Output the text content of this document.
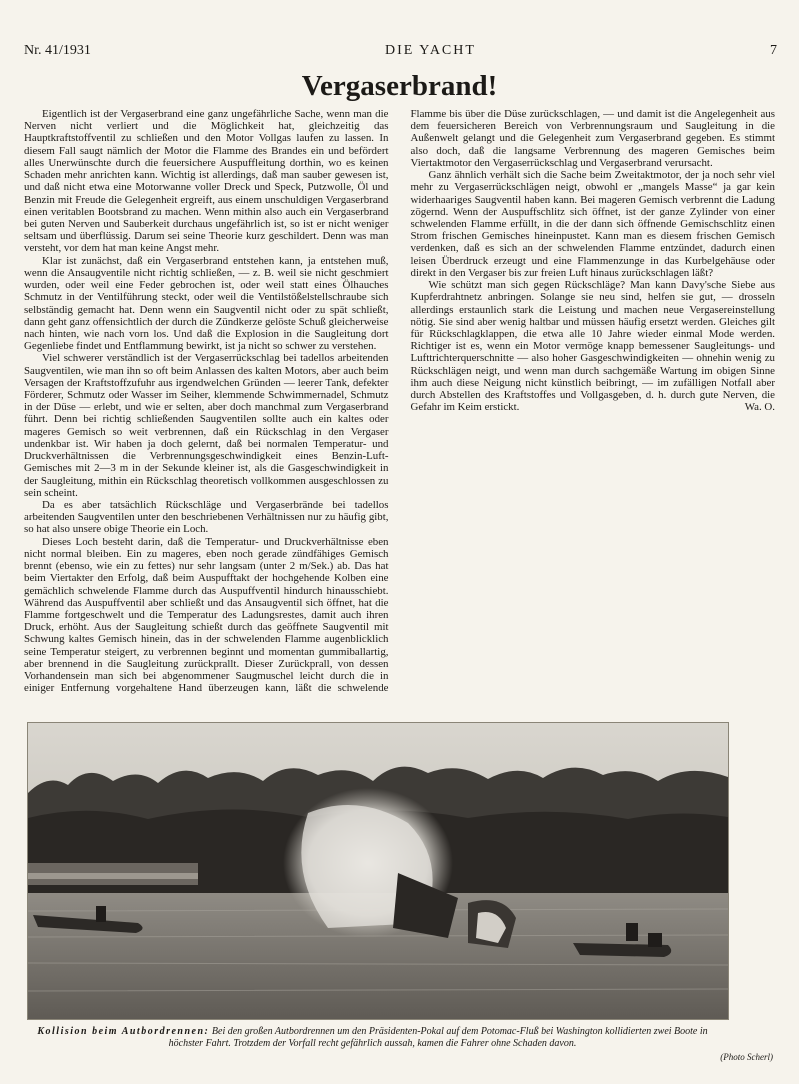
Nr. 41/1931	DIE YACHT	7
Vergaserbrand!

Eigentlich ist der Vergaserbrand eine ganz ungefährliche Sache, wenn man die Nerven nicht verliert und die Möglichkeit hat, gleichzeitig das Hauptkraftstoffventil zu schließen und den Motor Vollgas laufen zu lassen. In diesem Fall saugt nämlich der Motor die Flamme des Brandes ein und befördert alles Unerwünschte durch die feuersichere Auspuffleitung dorthin, wo es keinen Schaden mehr anrichten kann. Wichtig ist allerdings, daß man sauber gewesen ist, und daß nicht etwa eine Motorwanne voller Dreck und Speck, Putzwolle, Öl und Benzin mit Freude die Gelegenheit ergreift, aus einem unschuldigen Vergaserbrand einen veritablen Bootsbrand zu machen. Wenn mithin also auch ein Vergaserbrand bei guten Nerven und Sauberkeit durchaus ungefährlich ist, so ist er nicht weniger seltsam und überflüssig. Darum sei seine Theorie kurz geschildert. Denn was man versteht, vor dem hat man keine Angst mehr.

Klar ist zunächst, daß ein Vergaserbrand entstehen kann, ja entstehen muß, wenn die Ansaugventile nicht richtig schließen, — z. B. weil sie nicht geschmiert wurden, oder weil eine Feder gebrochen ist, oder weil statt eines Ölhauches Schmutz in der Ventilführung steckt, oder weil die Ventilstößelstellschraube sich selbständig gemacht hat. Denn wenn ein Saugventil nicht oder zu spät schließt, dann geht ganz offensichtlich der durch die Zündkerze gelöste Schuß gleicherweise nach hinten, wie nach vorn los. Und daß die Explosion in die Saugleitung dort Gegenliebe findet und Entflammung bewirkt, ist ja nicht so schwer zu verstehen.

Viel schwerer verständlich ist der Vergaserrückschlag bei tadellos arbeitenden Saugventilen, wie man ihn so oft beim Anlassen des kalten Motors, aber auch beim Versagen der Kraftstoffzufuhr aus irgendwelchen Gründen — leerer Tank, defekter Förderer, Schmutz oder Wasser im Seiher, klemmende Schwimmernadel, Schmutz in der Düse — erlebt, und wie er selten, aber doch manchmal zum Vergaserbrand führt. Denn bei richtig schließenden Saugventilen sollte auch ein kaltes oder mageres Gemisch so weit verbrennen, daß ein Rückschlag in den Vergaser undenkbar ist. Wir haben ja doch gelernt, daß bei normalen Temperatur- und Druckverhältnissen die Verbrennungsgeschwindigkeit eines Benzin-Luft-Gemisches mit 2—3 m in der Sekunde kleiner ist, als die Gasgeschwindigkeit in der Saugleitung, mithin ein Rückschlag theoretisch vollkommen ausgeschlossen zu sein scheint.

Da es aber tatsächlich Rückschläge und Vergaserbrände bei tadellos arbeitenden Saugventilen unter den beschriebenen Verhältnissen nur zu häufig gibt, so hat also unsere obige Theorie ein Loch.

Dieses Loch besteht darin, daß die Temperatur- und Druckverhältnisse eben nicht normal bleiben. Ein zu mageres, eben noch gerade zündfähiges Gemisch brennt (ebenso, wie ein zu fettes) nur sehr langsam (unter 2 m/Sek.) ab. Das hat beim Viertakter den Erfolg, daß beim Auspufftakt der hochgehende Kolben eine gemächlich schwelende Flamme durch das Auspuffventil hindurch hinausschiebt. Während das Auspuffventil aber schließt und das Ansaugventil sich öffnet, hat die Flamme fortgeschwelt und die Temperatur des Ladungsrestes, damit auch ihren Druck, erhöht. Aus der Saugleitung schießt durch das geöffnete Saugventil mit Schwung kaltes Gemisch hinein, das in der schwelenden Flamme augenblicklich seine Temperatur steigert, zu verbrennen beginnt und momentan gummiballartig, aber brennend in die Saugleitung zurückprallt. Dieser Zurückprall, von dessen Vorhandensein man sich bei abgenommener Saugmuschel leicht durch die in einiger Entfernung vorgehaltene Hand überzeugen kann, läßt die schwelende Flamme bis über die Düse zurückschlagen, — und damit ist die Angelegenheit aus dem feuersicheren Bereich von Verbrennungsraum und Saugleitung in die Außenwelt gelangt und die Gelegenheit zum Vergaserbrand gegeben. Es stimmt also doch, daß die langsame Verbrennung des mageren Gemisches beim Viertaktmotor den Vergaserrückschlag und Vergaserbrand verursacht.

Ganz ähnlich verhält sich die Sache beim Zweitaktmotor, der ja noch sehr viel mehr zu Vergaserrückschlägen neigt, obwohl er „mangels Masse“ ja gar kein widerhaariges Saugventil haben kann. Bei mageren Gemisch verbrennt die Ladung zögernd. Wenn der Auspuffschlitz sich öffnet, ist der ganze Zylinder von einer schwelenden Flamme erfüllt, in die der dann sich öffnende Gemischschlitz einen Strom frischen Gemisches hineinpustet. Kann man es diesem frischen Gemisch verdenken, daß es sich an der schwelenden Flamme entzündet, dadurch einen leisen Überdruck erzeugt und eine Flammenzunge in das Kurbelgehäuse oder direkt in den Vergaser bis zur freien Luft hinaus zurückschlagen läßt?

Wie schützt man sich gegen Rückschläge? Man kann Davy'sche Siebe aus Kupferdrahtnetz anbringen. Solange sie neu sind, helfen sie gut, — drosseln allerdings erstaunlich stark die Leistung und machen neue Vergasereinstellung nötig. Sie sind aber wenig haltbar und müssen häufig ersetzt werden. Gleiches gilt für Rückschlagklappen, die etwa alle 10 Jahre wieder einmal Mode werden. Richtiger ist es, wenn ein Motor vermöge knapp bemessener Saugleitungs- und Lufttrichterquerschnitte — also hoher Gasgeschwindigkeiten — ohnehin wenig zu Rückschlägen neigt, und wenn man durch sachgemäße Wartung im obigen Sinne ihm auch diese Neigung nicht künstlich beibringt, — im zufälligen Notfall aber durch Abstellen des Kraftstoffes und Vollgasgeben, d. h. durch gute Nerven, die Gefahr im Keim erstickt.	Wa. O.

Kollision beim Autbordrennen: Bei den großen Autbordrennen um den Präsidenten-Pokal auf dem Potomac-Fluß bei Washington kollidierten zwei Boote in höchster Fahrt. Trotzdem der Vorfall recht gefährlich aussah, kamen die Fahrer ohne Schaden davon.
(Photo Scherl)
